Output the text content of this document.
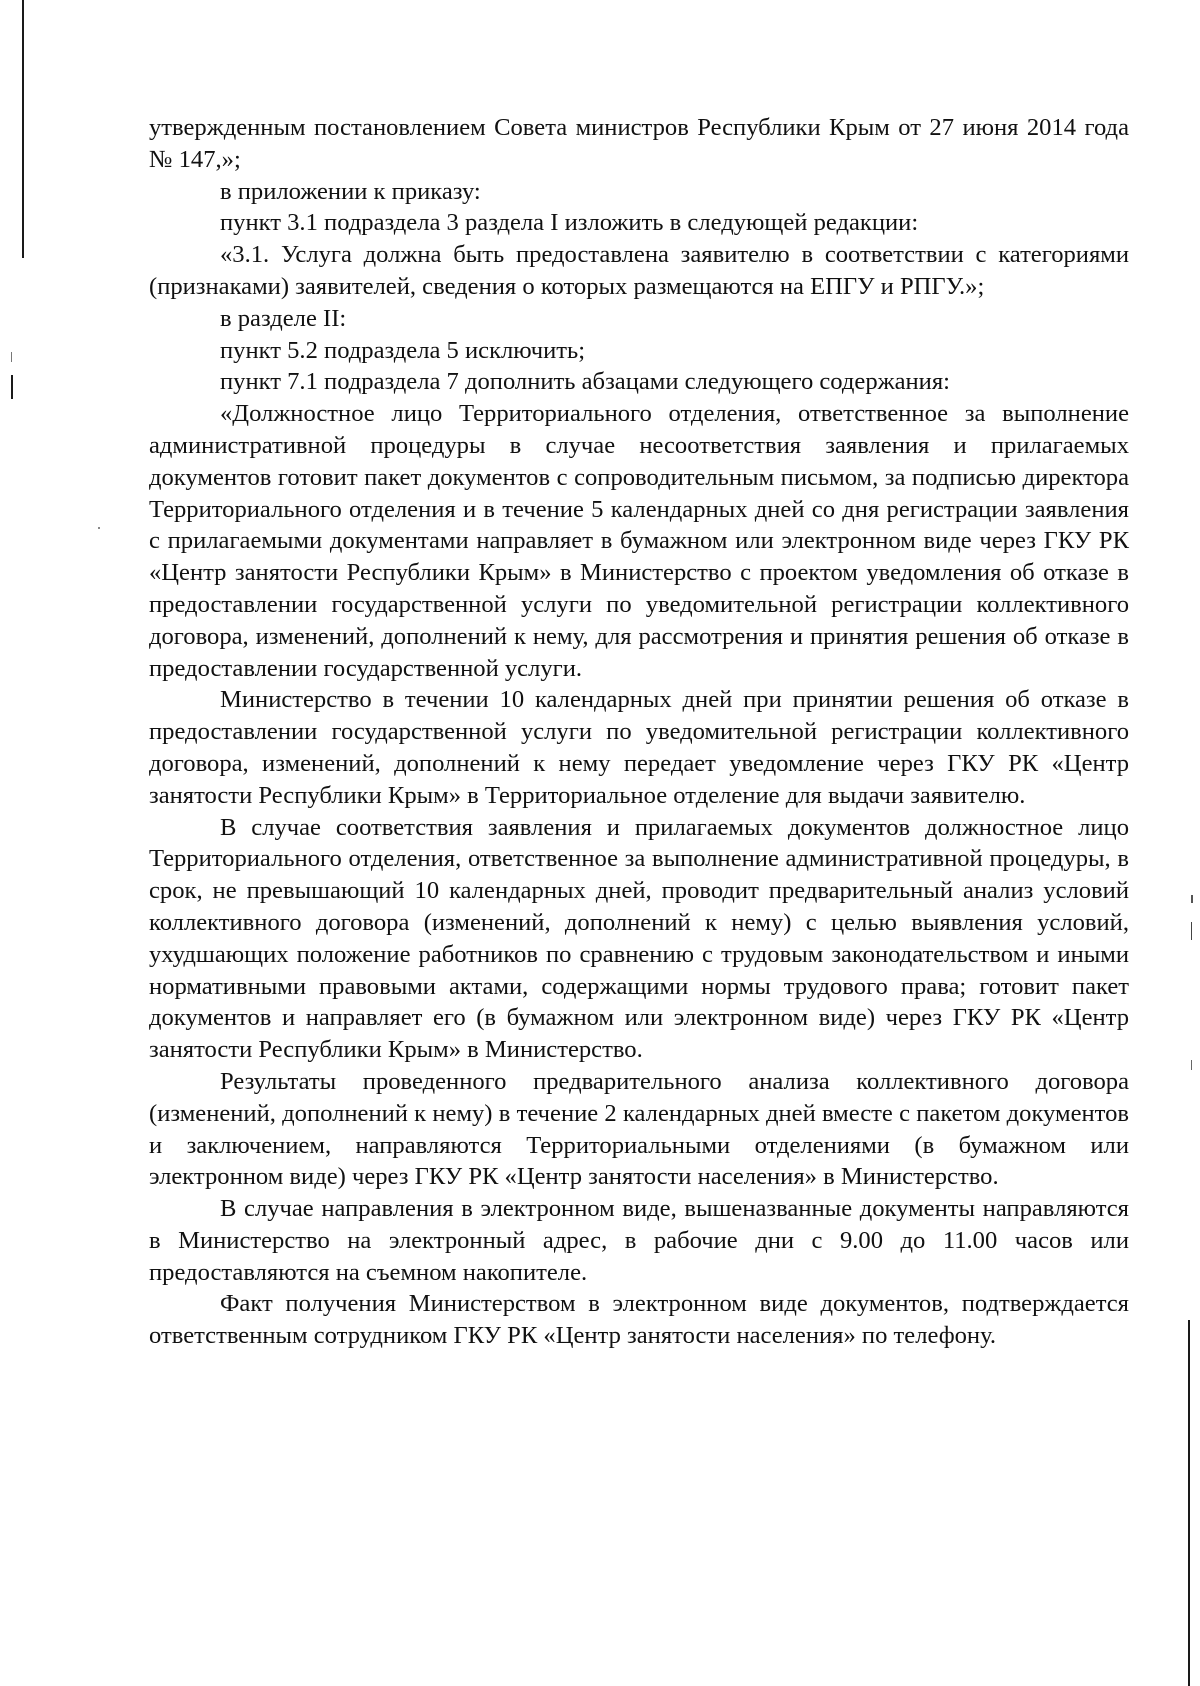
утвержденным постановлением Совета министров Республики Крым от 27 июня 2014 года № 147,»;

в приложении к приказу:

пункт 3.1 подраздела 3 раздела I изложить в следующей редакции:

«3.1. Услуга должна быть предоставлена заявителю в соответствии с категориями (признаками) заявителей, сведения о которых размещаются на ЕПГУ и РПГУ.»;

в разделе II:

пункт 5.2 подраздела 5 исключить;

пункт 7.1 подраздела 7 дополнить абзацами следующего содержания:

«Должностное лицо Территориального отделения, ответственное за выполнение административной процедуры в случае несоответствия заявления и прилагаемых документов готовит пакет документов с сопроводительным письмом, за подписью директора Территориального отделения и в течение 5 календарных дней со дня регистрации заявления с прилагаемыми документами направляет в бумажном или электронном виде через ГКУ РК «Центр занятости Республики Крым» в Министерство с проектом уведомления об отказе в предоставлении государственной услуги по уведомительной регистрации коллективного договора, изменений, дополнений к нему, для рассмотрения и принятия решения об отказе в предоставлении государственной услуги.

Министерство в течении 10 календарных дней при принятии решения об отказе в предоставлении государственной услуги по уведомительной регистрации коллективного договора, изменений, дополнений к нему передает уведомление через ГКУ РК «Центр занятости Республики Крым» в Территориальное отделение для выдачи заявителю.

В случае соответствия заявления и прилагаемых документов должностное лицо Территориального отделения, ответственное за выполнение административной процедуры, в срок, не превышающий 10 календарных дней, проводит предварительный анализ условий коллективного договора (изменений, дополнений к нему) с целью выявления условий, ухудшающих положение работников по сравнению с трудовым законодательством и иными нормативными правовыми актами, содержащими нормы трудового права; готовит пакет документов и направляет его (в бумажном или электронном виде) через ГКУ РК «Центр занятости Республики Крым» в Министерство.

Результаты проведенного предварительного анализа коллективного договора (изменений, дополнений к нему) в течение 2 календарных дней вместе с пакетом документов и заключением, направляются Территориальными отделениями (в бумажном или электронном виде) через ГКУ РК «Центр занятости населения» в Министерство.

В случае направления в электронном виде, вышеназванные документы направляются в Министерство на электронный адрес, в рабочие дни с 9.00 до 11.00 часов или предоставляются на съемном накопителе.

Факт получения Министерством в электронном виде документов, подтверждается ответственным сотрудником ГКУ РК «Центр занятости населения» по телефону.
